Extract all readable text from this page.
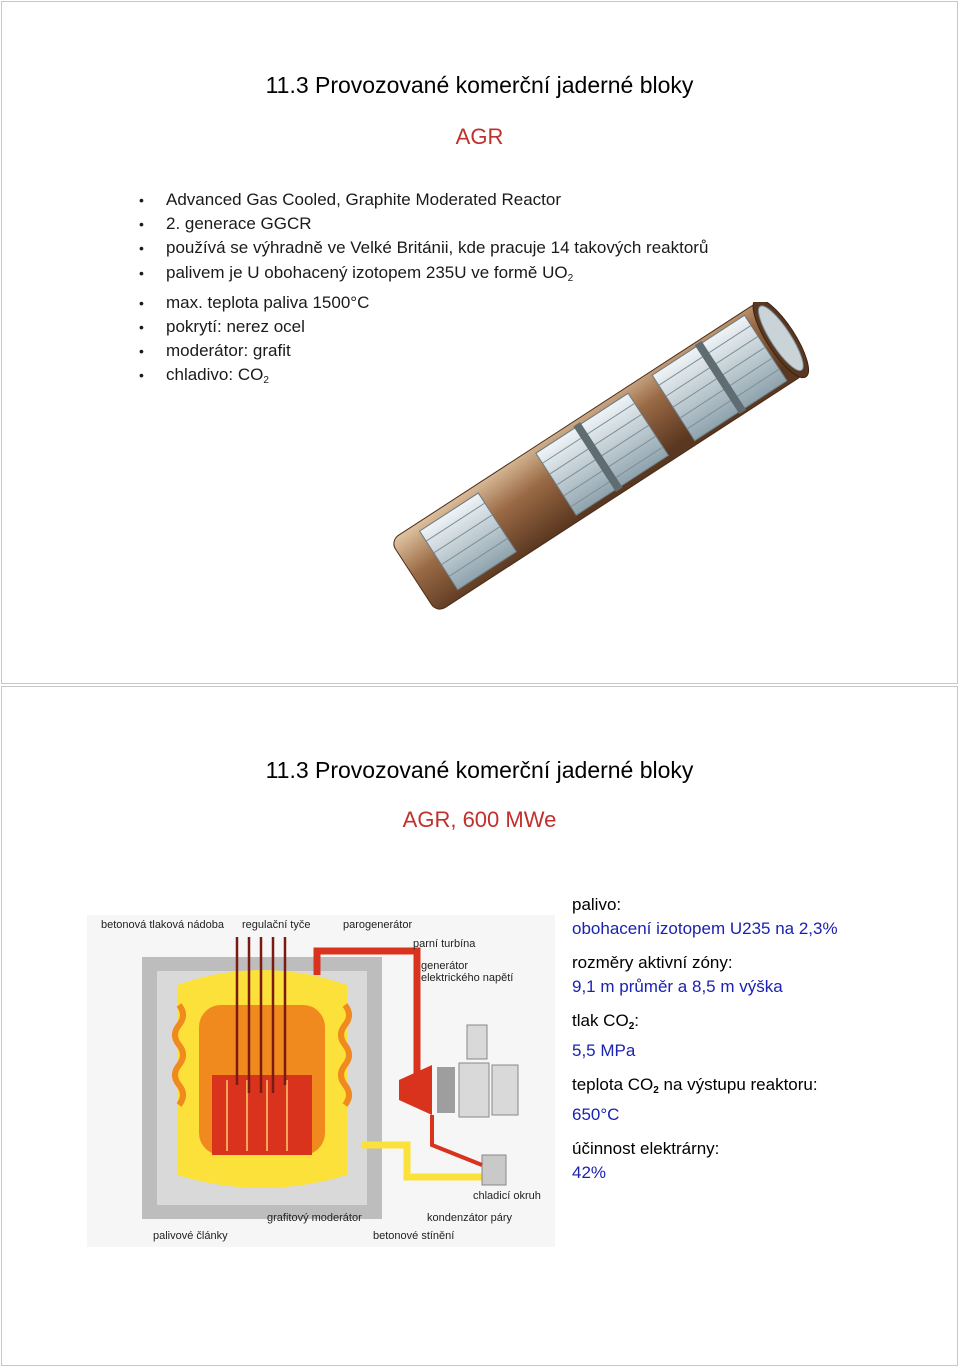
11.3 Provozované komerční jaderné bloky
AGR
• Advanced Gas Cooled, Graphite Moderated Reactor
• 2. generace GGCR
• používá se výhradně ve Velké Británii, kde pracuje 14 takových reaktorů
• palivem je U obohacený izotopem 235U ve formě $UO_2$
• max. teplota paliva 1500°C
• pokrytí: nerez ocel
• moderátor: grafit
• chladivo: $CO_2$
11.3 Provozované komerční jaderné bloky
AGR, 600 MWe
betonová tlaková nádoba regulační tyče	parogenerátor
parní turbína
generátor
elektrického napětí
chladicí okruh
kondenzátor páry
grafitový moderátor
palivové články	betonové stínění
palivo:
obohacení izotopem U235 na 2,3%
rozměry aktivní zóny:
9,1 m průměr a 8,5 m výška
tlak $CO_2$:
5,5 MPa
teplota $CO_2$ na výstupu reaktoru:
650°C
účinnost elektrárny:
42%
